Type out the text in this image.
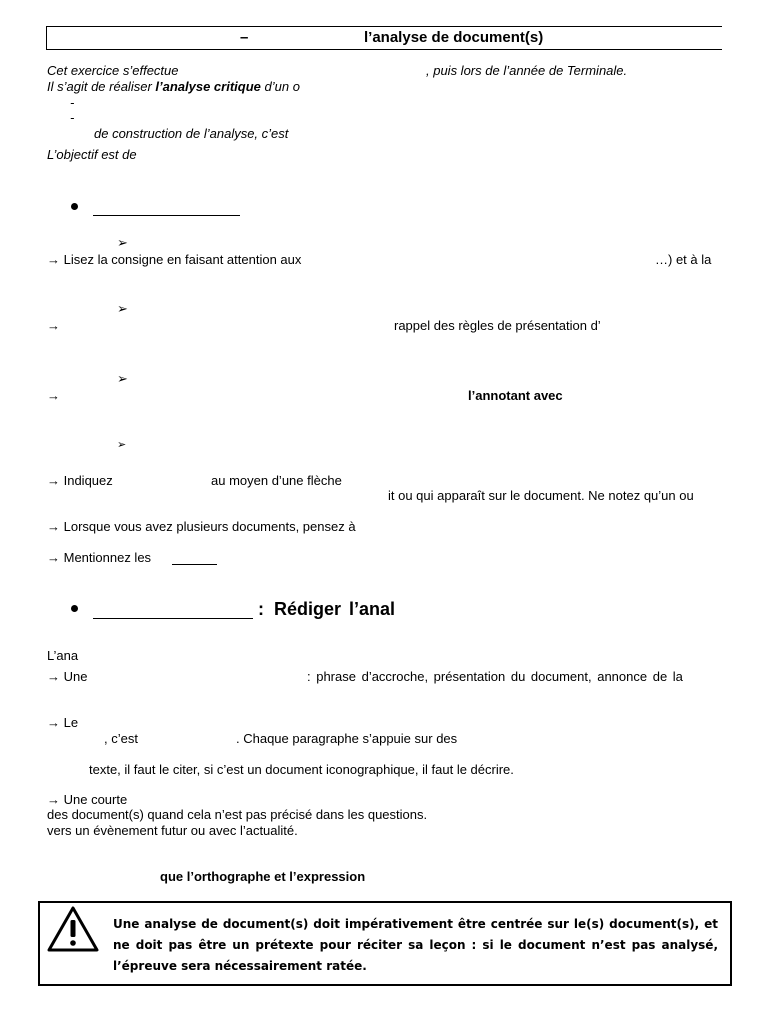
–	l’analyse de document(s)
Cet exercice s’effectue	, puis lors de l’année de Terminale.
Il s’agit de réaliser l’analyse critique d’un o
-
-
de construction de l’analyse, c’est
L’objectif est de
➢
→ Lisez la consigne en faisant attention aux	…) et à la
➢
→	rappel des règles de présentation d’
➢
→	l’annotant avec
➢
→ Indiquez	au moyen d’une flèche
it ou qui apparaît sur le document. Ne notez qu’un ou
→ Lorsque vous avez plusieurs documents, pensez à
→ Mentionnez les
: Rédiger l’anal
L’ana
→ Une	: phrase d’accroche, présentation du document, annonce de la
→ Le
, c’est	. Chaque paragraphe s’appuie sur des
texte, il faut le citer, si c’est un document iconographique, il faut le décrire.
→ Une courte
des document(s) quand cela n’est pas précisé dans les questions.
vers un évènement futur ou avec l’actualité.
que l’orthographe et l’expression
Une analyse de document(s) doit impérativement être centrée sur le(s) document(s), et ne doit pas être un prétexte pour réciter sa leçon : si le document n’est pas analysé, l’épreuve sera nécessairement ratée.
